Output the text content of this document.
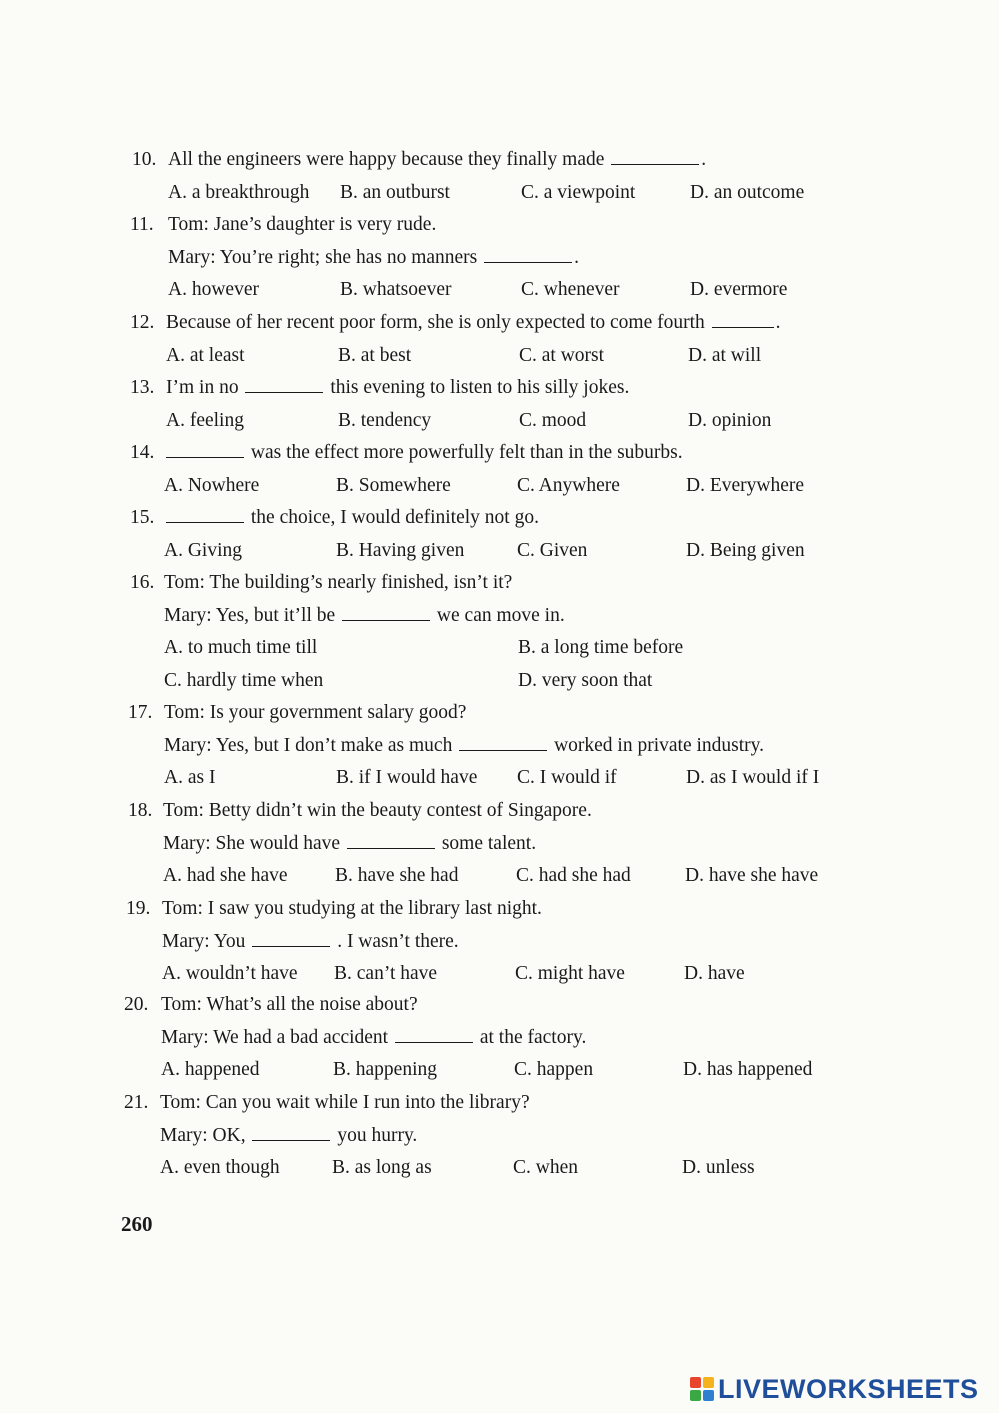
10. All the engineers were happy because they finally made	.
A. a breakthrough B. an outburst	C. a viewpoint	D. an outcome
11. Tom: Jane’s daughter is very rude.
Mary: You’re right; she has no manners	.
A. however	B. whatsoever	C. whenever	D. evermore
12. Because of her recent poor form, she is only expected to come fourth	.
A. at least	B. at best	C. at worst	D. at will
13. I’m in no	this evening to listen to his silly jokes.
A. feeling	B. tendency	C. mood	D. opinion
14.	was the effect more powerfully felt than in the suburbs.
A. Nowhere	B. Somewhere	C. Anywhere	D. Everywhere
15.	the choice, I would definitely not go.
A. Giving	B. Having given	C. Given	D. Being given
16. Tom: The building’s nearly finished, isn’t it?
Mary: Yes, but it’ll be	we can move in.
A. to much time till	B. a long time before
C. hardly time when	D. very soon that
17. Tom: Is your government salary good?
Mary: Yes, but I don’t make as much	worked in private industry.
A. as I	B. if I would have C. I would if	D. as I would if I
18. Tom: Betty didn’t win the beauty contest of Singapore.
Mary: She would have	some talent.
A. had she have B. have she had	C. had she had	D. have she have
19. Tom: I saw you studying at the library last night.
Mary: You	. I wasn’t there.
A. wouldn’t have B. can’t have	C. might have	D. have
20. Tom: What’s all the noise about?
Mary: We had a bad accident	at the factory.
A. happened	B. happening	C. happen	D. has happened
21. Tom: Can you wait while I run into the library?
Mary: OK,	you hurry.
A. even though	B. as long as	C. when	D. unless
260
LIVEWORKSHEETS
